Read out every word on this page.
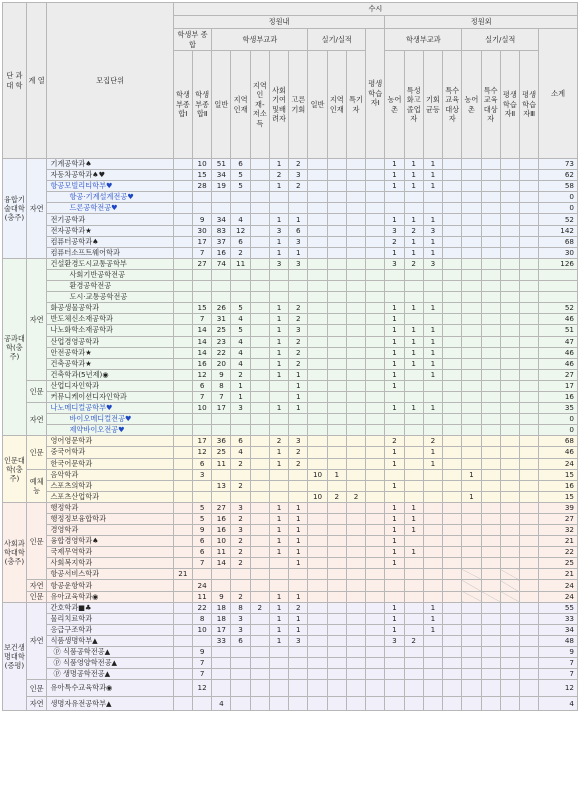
단 과 대 학	계 열	모집단위	수시																			
			정원내											정원외								
			학생부 종합		학생부교과					실기/실적			평생학습자Ⅰ	학생부교과				실기/실적				소계
			학생부종합Ⅰ	학생부종합Ⅱ	일반	지역인재	지역인재-저소득	사회기여및배려자	고른기회	일반	지역인재	특기자		농어촌	특성화고졸업자	기회균등	특수교육대상자	농어촌	특수교육대상자	평생학습자Ⅱ	평생학습자Ⅲ	
융합기술대학(충주)	자연	기계공학과♠		10	51	6		1	2					1	1	1						73
		자동차공학과♠♥		15	34	5		2	3					1	1	1						62
		항공모빌리티학부♥		28	19	5		1	2					1	1	1						58
		항공·기계설계전공♥																				0
		드론공학전공♥																				0
		전기공학과		9	34	4		1	1					1	1	1						52
		전자공학과★		30	83	12		3	6					3	2	3						142
		컴퓨터공학과♠		17	37	6		1	3					2	1	1						68
		컴퓨터소프트웨어학과		7	16	2		1	1					1	1	1						30
공과대학(충주)	자연	건설환경도시교통공학부		27	74	11		3	3					3	2	3						126
		사회기반공학전공																				
		환경공학전공																				
		도시·교통공학전공																				
		화공생물공학과		15	26	5		1	2					1	1	1						52
		반도체신소재공학과		7	31	4		1	2					1								46
		나노화학소재공학과		14	25	5		1	3					1	1	1						51
		산업경영공학과		14	23	4		1	2					1	1	1						47
		안전공학과★		14	22	4		1	2					1	1	1						46
		건축공학과★		16	20	4		1	2					1	1	1						46
		건축학과(5년제)◉		12	9	2		1	1					1		1						27
	인문	산업디자인학과		6	8	1			1					1								17
		커뮤니케이션디자인학과		7	7	1			1													16
	자연	나노메디컬공학부♥		10	17	3		1	1					1	1	1						35
		바이오메디컬전공♥																				0
		제약바이오전공♥																				0
인문대학(충주)	인문	영어영문학과		17	36	6		2	3					2		2						68
		중국어학과		12	25	4		1	2					1		1						46
		한국어문학과		6	11	2		1	2					1		1						24
	예체능	음악학과		3						10	1							1				15
		스포츠의학과			13	2								1								16
		스포츠산업학과								10	2	2						1				15
사회과학대학(충주)	인문	행정학과		5	27	3		1	1					1	1							39
		행정정보융합학과		5	16	2		1	1					1	1							27
		경영학과		9	16	3		1	1					1	1							32
		융합경영학과♠		6	10	2		1	1					1								21
		국제무역학과		6	11	2		1	1					1	1							22
		사회복지학과		7	14	2			1					1								25
		항공서비스학과	21																			21
	자연	항공운항학과		24																		24
	인문	유아교육학과◉		11	9	2		1	1													24
보건생명대학(증평)	자연	간호학과■♣		22	18	8	2	1	2					1		1						55
		물리치료학과		8	18	3		1	1					1		1						33
		응급구조학과		10	17	3		1	1					1		1						34
		식품생명학부▲			33	6		1	3					3	2							48
		ⓟ 식품공학전공▲		9																		9
		ⓟ 식품영양학전공▲		7																		7
		ⓟ 생명공학전공▲		7																		7
	인문	유아특수교육학과◉		12																		12
	자연	생명자유전공학부▲			4																	4
